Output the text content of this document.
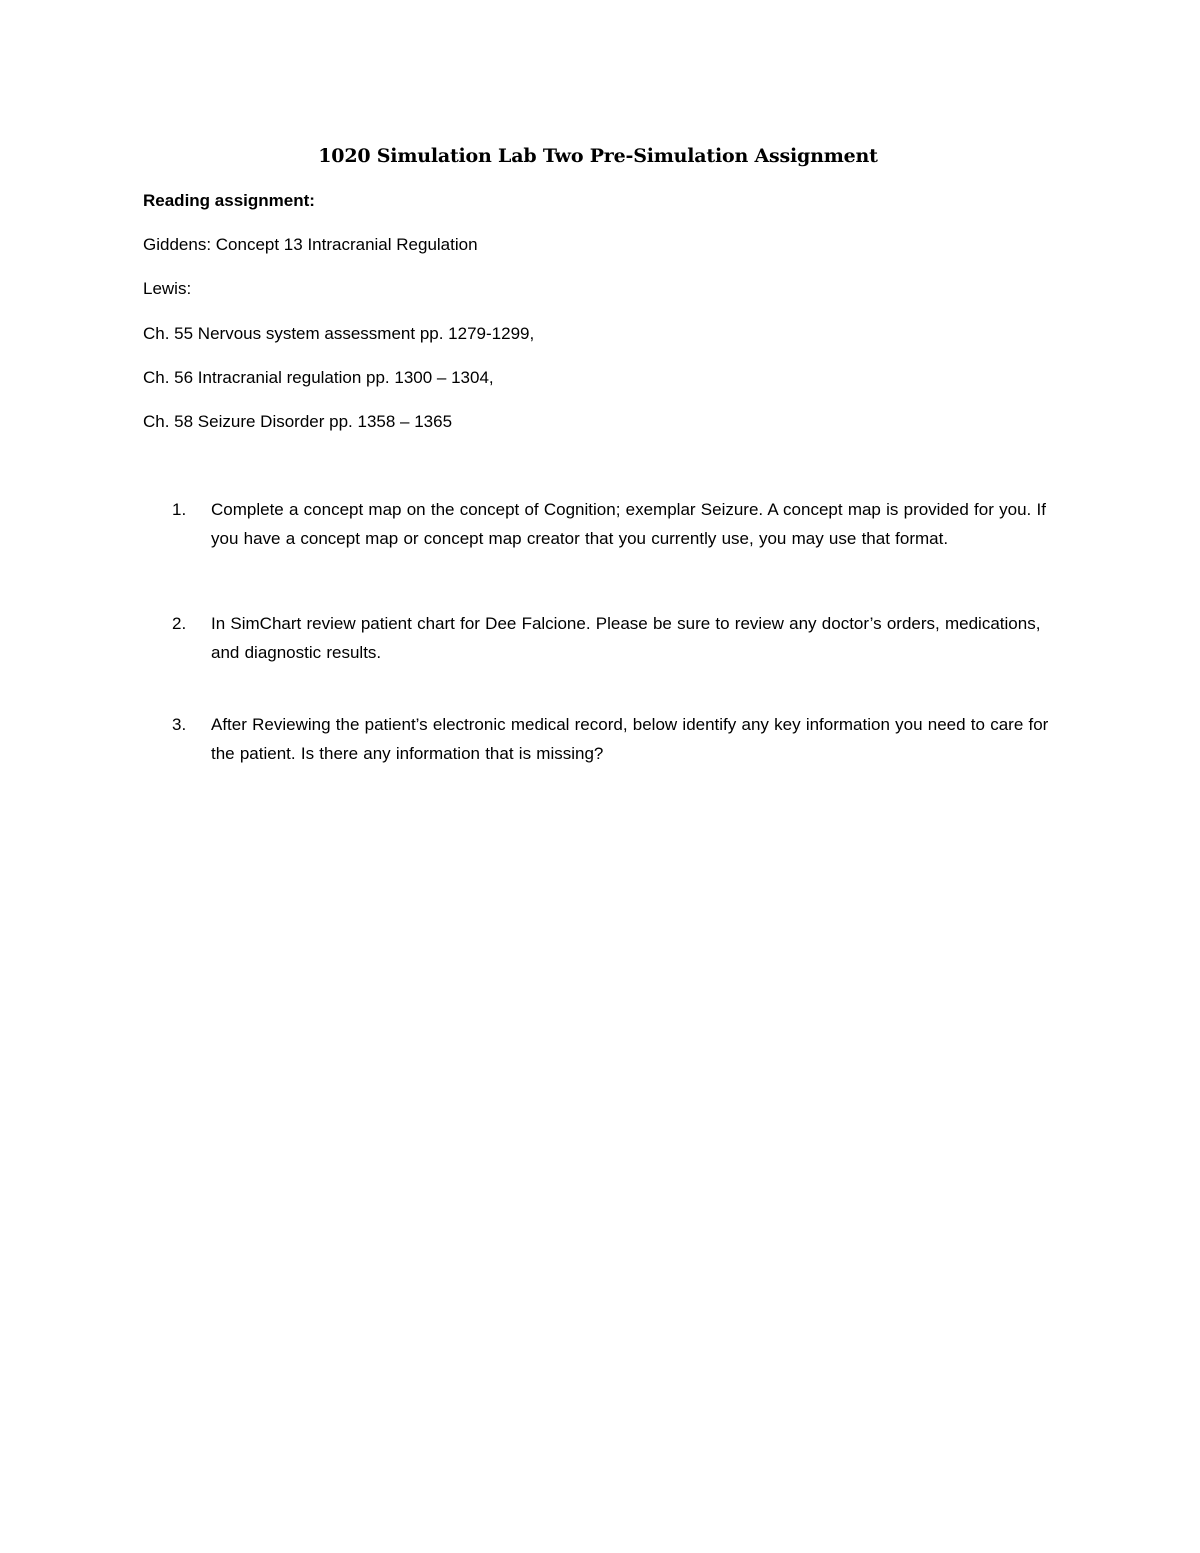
1020 Simulation Lab Two Pre-Simulation Assignment
Reading assignment:
Giddens: Concept 13 Intracranial Regulation
Lewis:
Ch. 55 Nervous system assessment pp. 1279-1299,
Ch. 56 Intracranial regulation pp. 1300 – 1304,
Ch. 58 Seizure Disorder pp. 1358 – 1365
1. Complete a concept map on the concept of Cognition; exemplar Seizure. A concept map is provided for you. If you have a concept map or concept map creator that you currently use, you may use that format.
2. In SimChart review patient chart for Dee Falcione. Please be sure to review any doctor’s orders, medications, and diagnostic results.
3. After Reviewing the patient’s electronic medical record, below identify any key information you need to care for the patient. Is there any information that is missing?
